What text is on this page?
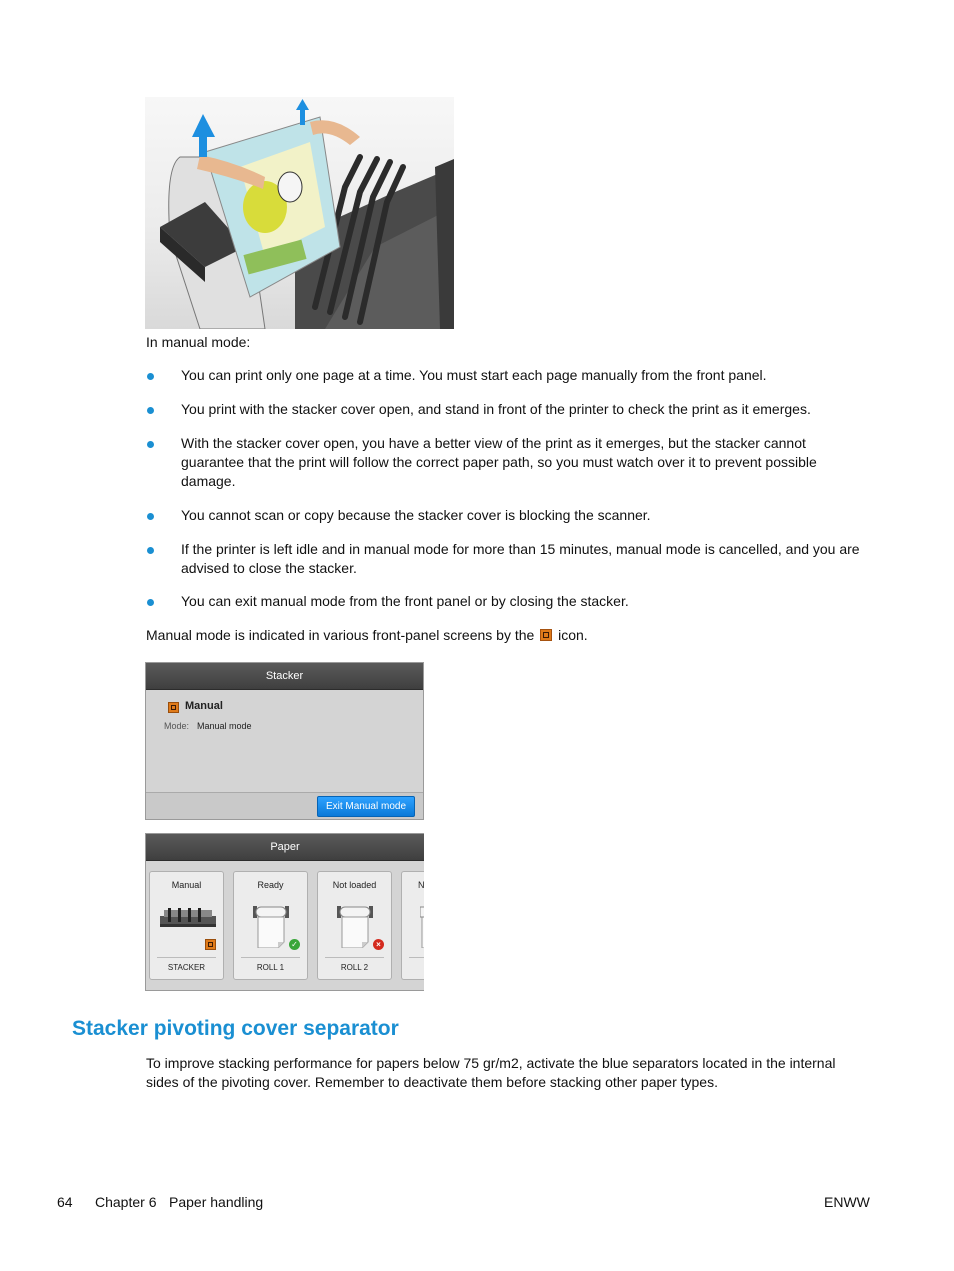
In manual mode:

You can print only one page at a time. You must start each page manually from the front panel.

You print with the stacker cover open, and stand in front of the printer to check the print as it emerges.

With the stacker cover open, you have a better view of the print as it emerges, but the stacker cannot guarantee that the print will follow the correct paper path, so you must watch over it to prevent possible damage.

You cannot scan or copy because the stacker cover is blocking the scanner.

If the printer is left idle and in manual mode for more than 15 minutes, manual mode is cancelled, and you are advised to close the stacker.

You can exit manual mode from the front panel or by closing the stacker.

Manual mode is indicated in various front-panel screens by the icon.

Stacker
Manual
Mode: Manual mode
Exit Manual mode
Paper
Manual
STACKER
Ready
✓
ROLL 1
Not loaded
×
ROLL 2
N
Stacker pivoting cover separator

To improve stacking performance for papers below 75 gr/m2, activate the blue separators located in the internal sides of the pivoting cover. Remember to deactivate them before stacking other paper types.

64 Chapter 6 Paper handling	ENWW
